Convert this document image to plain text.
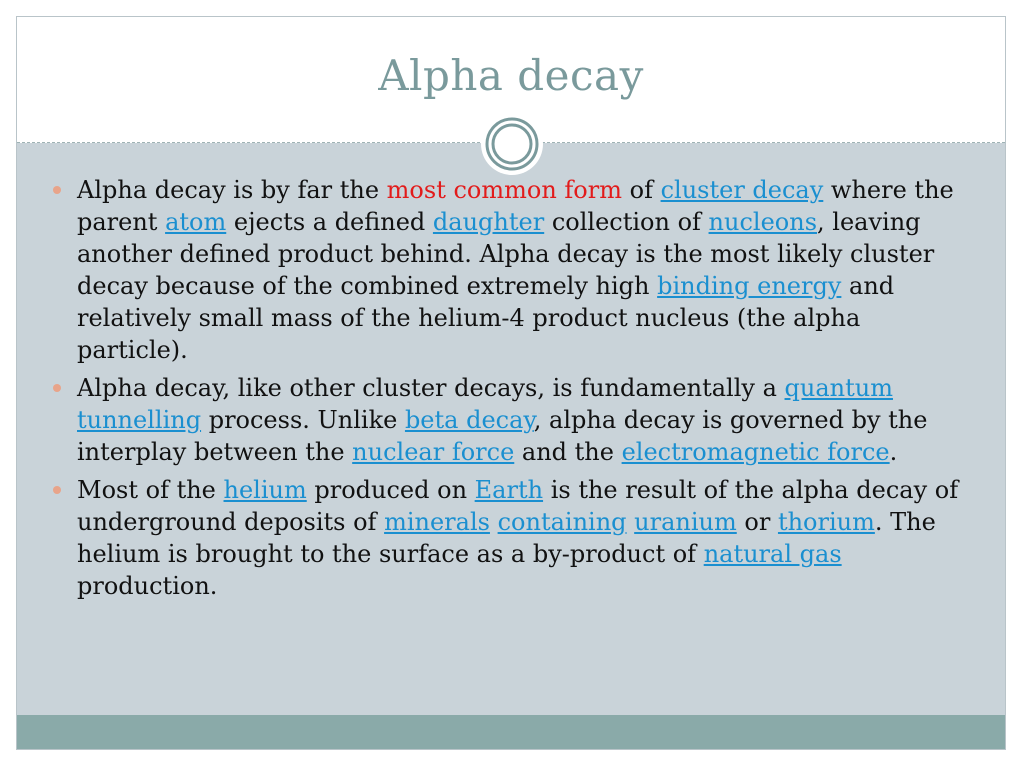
Alpha decay
Alpha decay is by far the most common form of cluster decay where the parent atom ejects a defined daughter collection of nucleons, leaving another defined product behind. Alpha decay is the most likely cluster decay because of the combined extremely high binding energy and relatively small mass of the helium-4 product nucleus (the alpha particle).
Alpha decay, like other cluster decays, is fundamentally a quantum tunnelling process. Unlike beta decay, alpha decay is governed by the interplay between the nuclear force and the electromagnetic force.
Most of the helium produced on Earth is the result of the alpha decay of underground deposits of minerals containing uranium or thorium. The helium is brought to the surface as a by-product of natural gas production.
